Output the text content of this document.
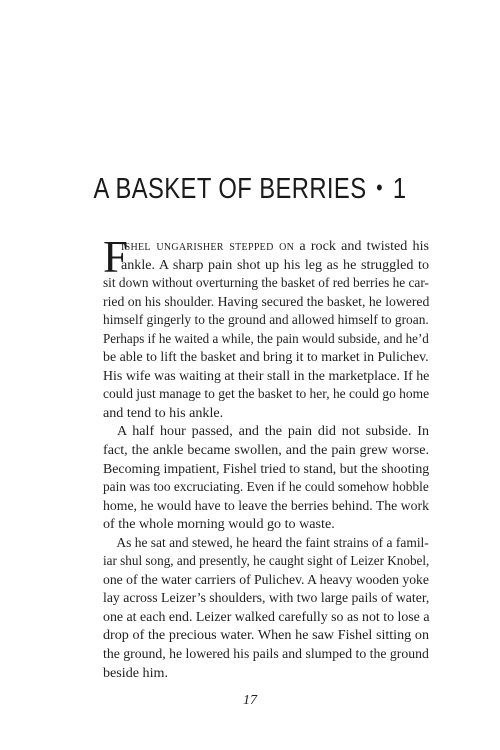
A BASKET OF BERRIES • 1
F
ishel ungarisher stepped on a rock and twisted his
ankle. A sharp pain shot up his leg as he struggled to
sit down without overturning the basket of red berries he car-
ried on his shoulder. Having secured the basket, he lowered
himself gingerly to the ground and allowed himself to groan.
Perhaps if he waited a while, the pain would subside, and he’d
be able to lift the basket and bring it to market in Pulichev.
His wife was waiting at their stall in the marketplace. If he
could just manage to get the basket to her, he could go home
and tend to his ankle.
A half hour passed, and the pain did not subside. In
fact, the ankle became swollen, and the pain grew worse.
Becoming impatient, Fishel tried to stand, but the shooting
pain was too excruciating. Even if he could somehow hobble
home, he would have to leave the berries behind. The work
of the whole morning would go to waste.
As he sat and stewed, he heard the faint strains of a famil-
iar shul song, and presently, he caught sight of Leizer Knobel,
one of the water carriers of Pulichev. A heavy wooden yoke
lay across Leizer’s shoulders, with two large pails of water,
one at each end. Leizer walked carefully so as not to lose a
drop of the precious water. When he saw Fishel sitting on
the ground, he lowered his pails and slumped to the ground
beside him.
17
